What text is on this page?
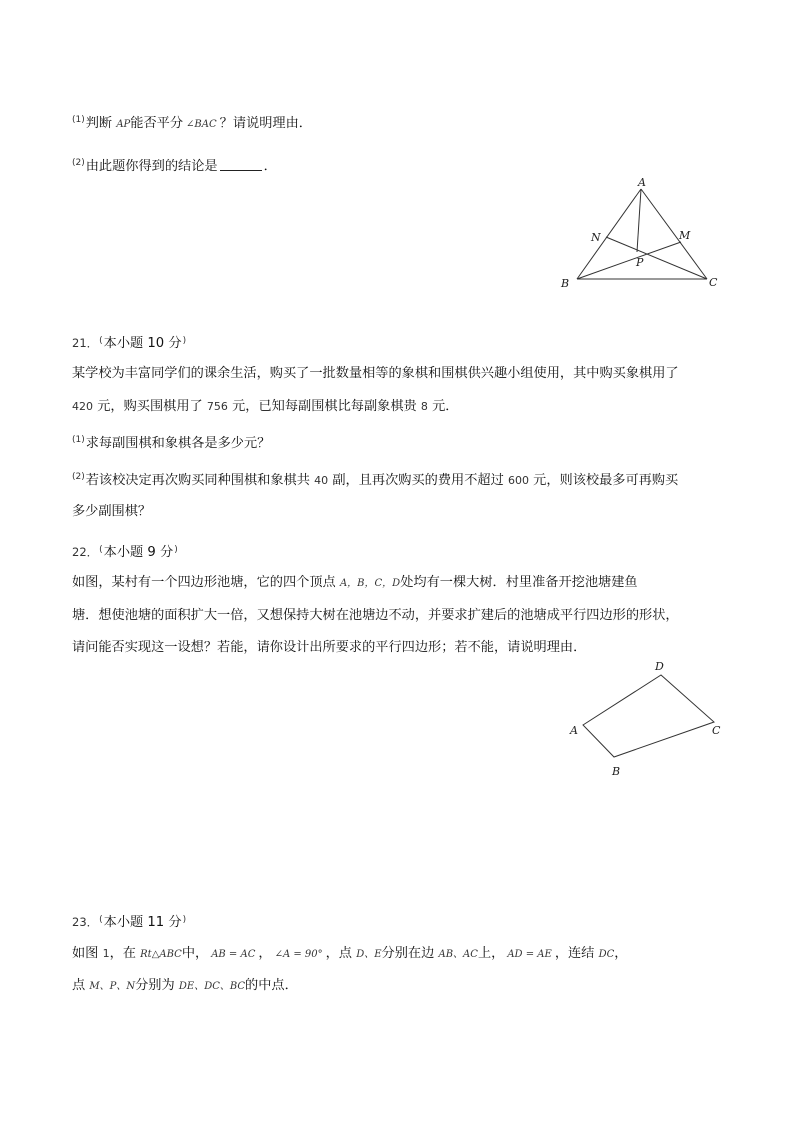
$^{(1)}$判断 AP能否平分 ∠BAC ？请说明理由．
$^{(2)}$由此题你得到的结论是	．
A
N	M
P
B	C
21．(本小题 10 分)
某学校为丰富同学们的课余生活，购买了一批数量相等的象棋和围棋供兴趣小组使用，其中购买象棋用了
420 元，购买围棋用了 756 元，已知每副围棋比每副象棋贵 8 元．
$^{(1)}$求每副围棋和象棋各是多少元？
$^{(2)}$若该校决定再次购买同种围棋和象棋共 40 副，且再次购买的费用不超过 600 元，则该校最多可再购买
多少副围棋？
22．(本小题 9 分)
如图，某村有一个四边形池塘，它的四个顶点 A，B，C，D处均有一棵大树．村里准备开挖池塘建鱼
塘．想使池塘的面积扩大一倍，又想保持大树在池塘边不动，并要求扩建后的池塘成平行四边形的形状，
请问能否实现这一设想？若能，请你设计出所要求的平行四边形；若不能，请说明理由．
D
A	C
B
23．(本小题 11 分)
如图 1，在 Rt△ABC中， AB = AC ， ∠A = 90° ，点 D、E分别在边 AB、AC上， AD = AE ，连结 DC，
点 M、P、N分别为 DE、DC、BC的中点．
